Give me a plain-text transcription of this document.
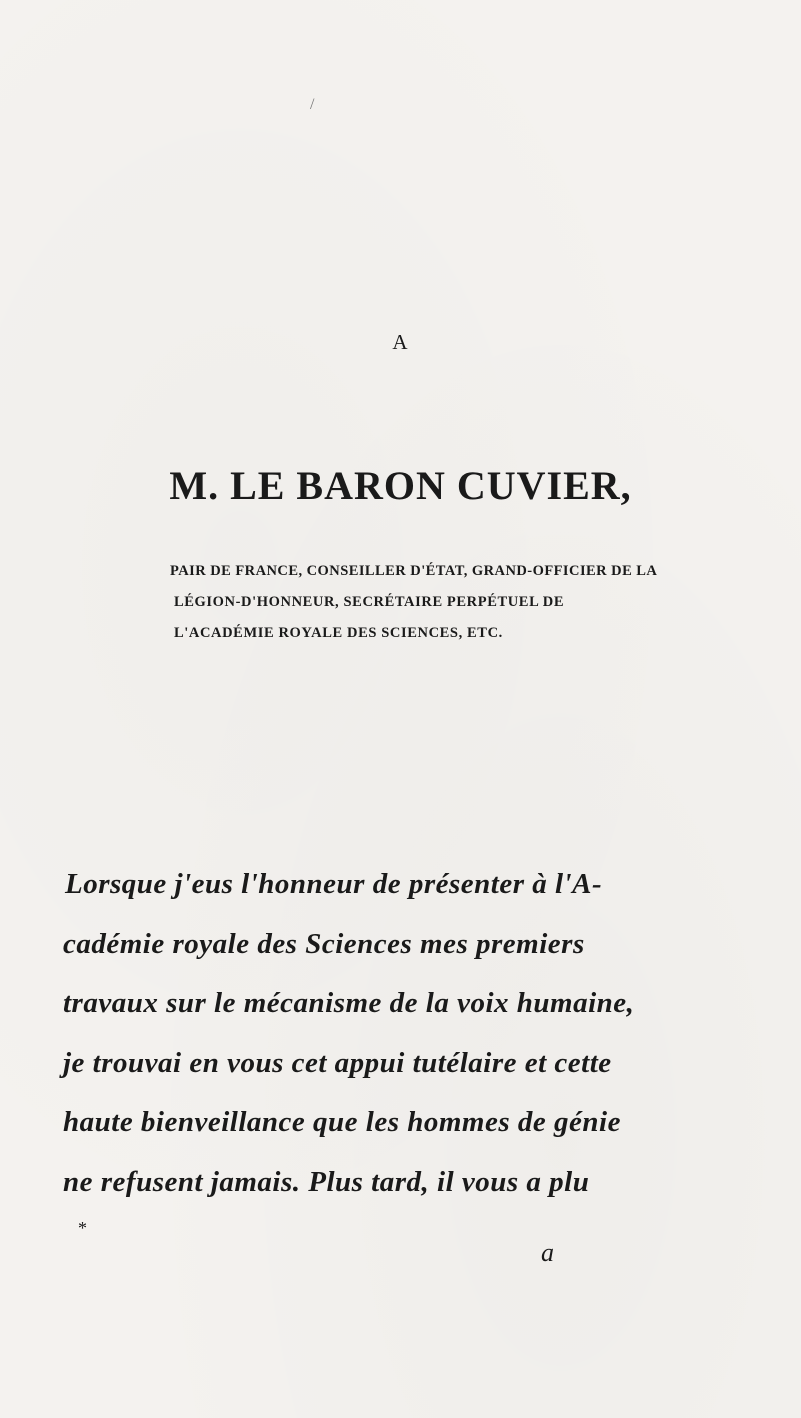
/
A
M. LE BARON CUVIER,
PAIR DE FRANCE, CONSEILLER D'ÉTAT, GRAND-OFFICIER DE LA
LÉGION-D'HONNEUR, SECRÉTAIRE PERPÉTUEL DE
L'ACADÉMIE ROYALE DES SCIENCES, ETC.
Lorsque j'eus l'honneur de présenter à l'A-
cadémie royale des Sciences mes premiers
travaux sur le mécanisme de la voix humaine,
je trouvai en vous cet appui tutélaire et cette
haute bienveillance que les hommes de génie
ne refusent jamais. Plus tard, il vous a plu
*
a
